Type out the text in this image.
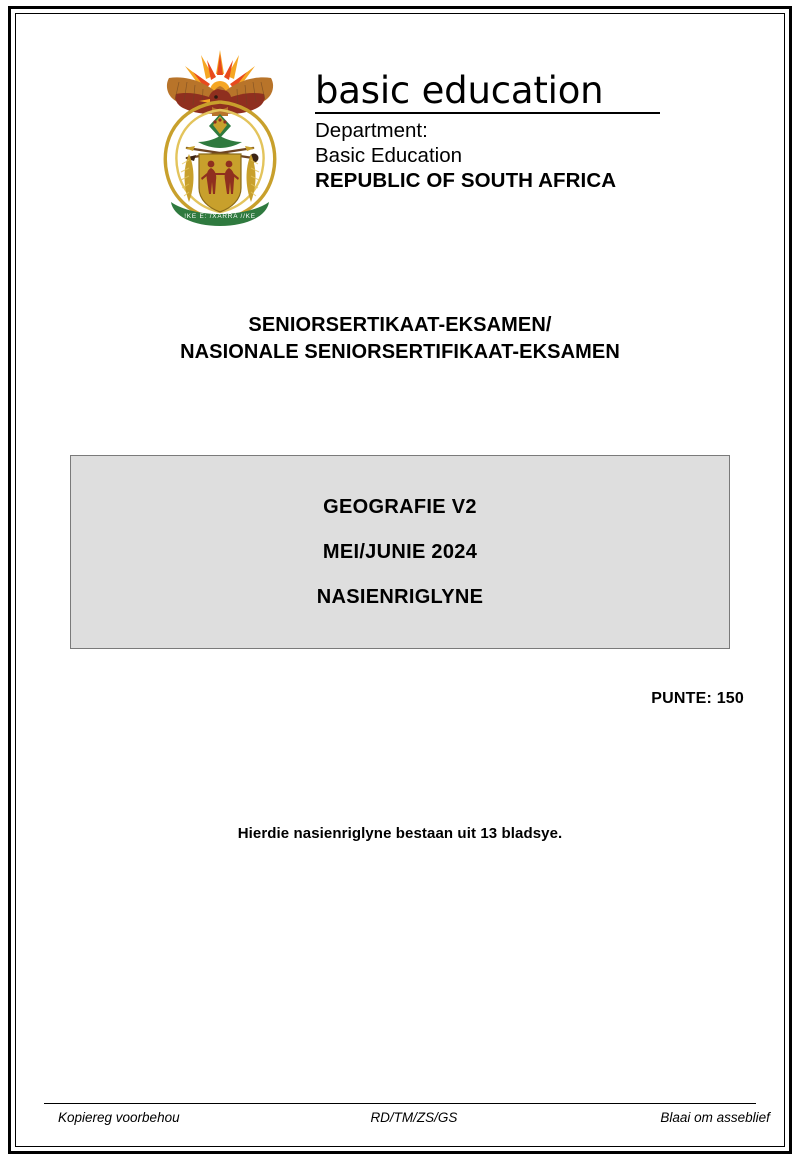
!KE E: /XARRA //KE
basic education
Department:
Basic Education
REPUBLIC OF SOUTH AFRICA
SENIORSERTIKAAT-EKSAMEN/
NASIONALE SENIORSERTIFIKAAT-EKSAMEN

GEOGRAFIE V2

MEI/JUNIE 2024

NASIENRIGLYNE

PUNTE: 150
Hierdie nasienriglyne bestaan uit 13 bladsye.
Kopiereg voorbehou	RD/TM/ZS/GS	Blaai om asseblief
